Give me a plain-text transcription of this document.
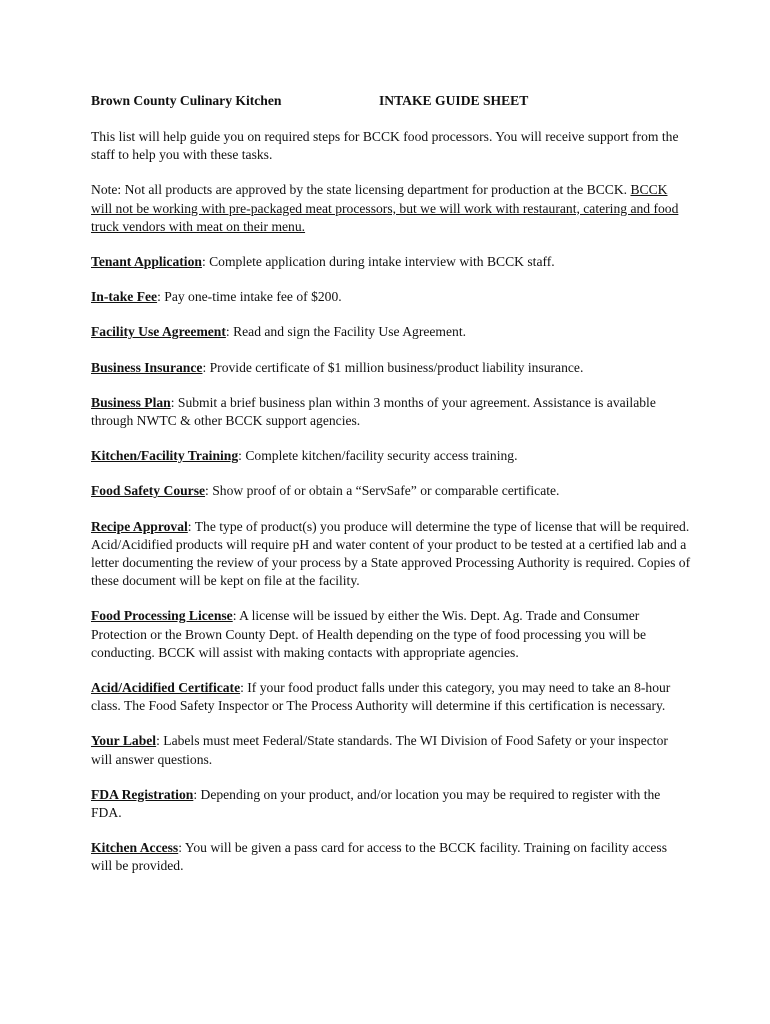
Brown County Culinary Kitchen	INTAKE GUIDE SHEET

This list will help guide you on required steps for BCCK food processors. You will receive support from the staff to help you with these tasks.

Note: Not all products are approved by the state licensing department for production at the BCCK. BCCK will not be working with pre-packaged meat processors, but we will work with restaurant, catering and food truck vendors with meat on their menu.

Tenant Application: Complete application during intake interview with BCCK staff.

In-take Fee: Pay one-time intake fee of $200.

Facility Use Agreement: Read and sign the Facility Use Agreement.

Business Insurance: Provide certificate of $1 million business/product liability insurance.

Business Plan: Submit a brief business plan within 3 months of your agreement. Assistance is available through NWTC & other BCCK support agencies.

Kitchen/Facility Training: Complete kitchen/facility security access training.

Food Safety Course: Show proof of or obtain a “ServSafe” or comparable certificate.

Recipe Approval: The type of product(s) you produce will determine the type of license that will be required. Acid/Acidified products will require pH and water content of your product to be tested at a certified lab and a letter documenting the review of your process by a State approved Processing Authority is required. Copies of these document will be kept on file at the facility.

Food Processing License: A license will be issued by either the Wis. Dept. Ag. Trade and Consumer Protection or the Brown County Dept. of Health depending on the type of food processing you will be conducting. BCCK will assist with making contacts with appropriate agencies.

Acid/Acidified Certificate: If your food product falls under this category, you may need to take an 8-hour class. The Food Safety Inspector or The Process Authority will determine if this certification is necessary.

Your Label: Labels must meet Federal/State standards. The WI Division of Food Safety or your inspector will answer questions.

FDA Registration: Depending on your product, and/or location you may be required to register with the FDA.

Kitchen Access: You will be given a pass card for access to the BCCK facility. Training on facility access will be provided.
